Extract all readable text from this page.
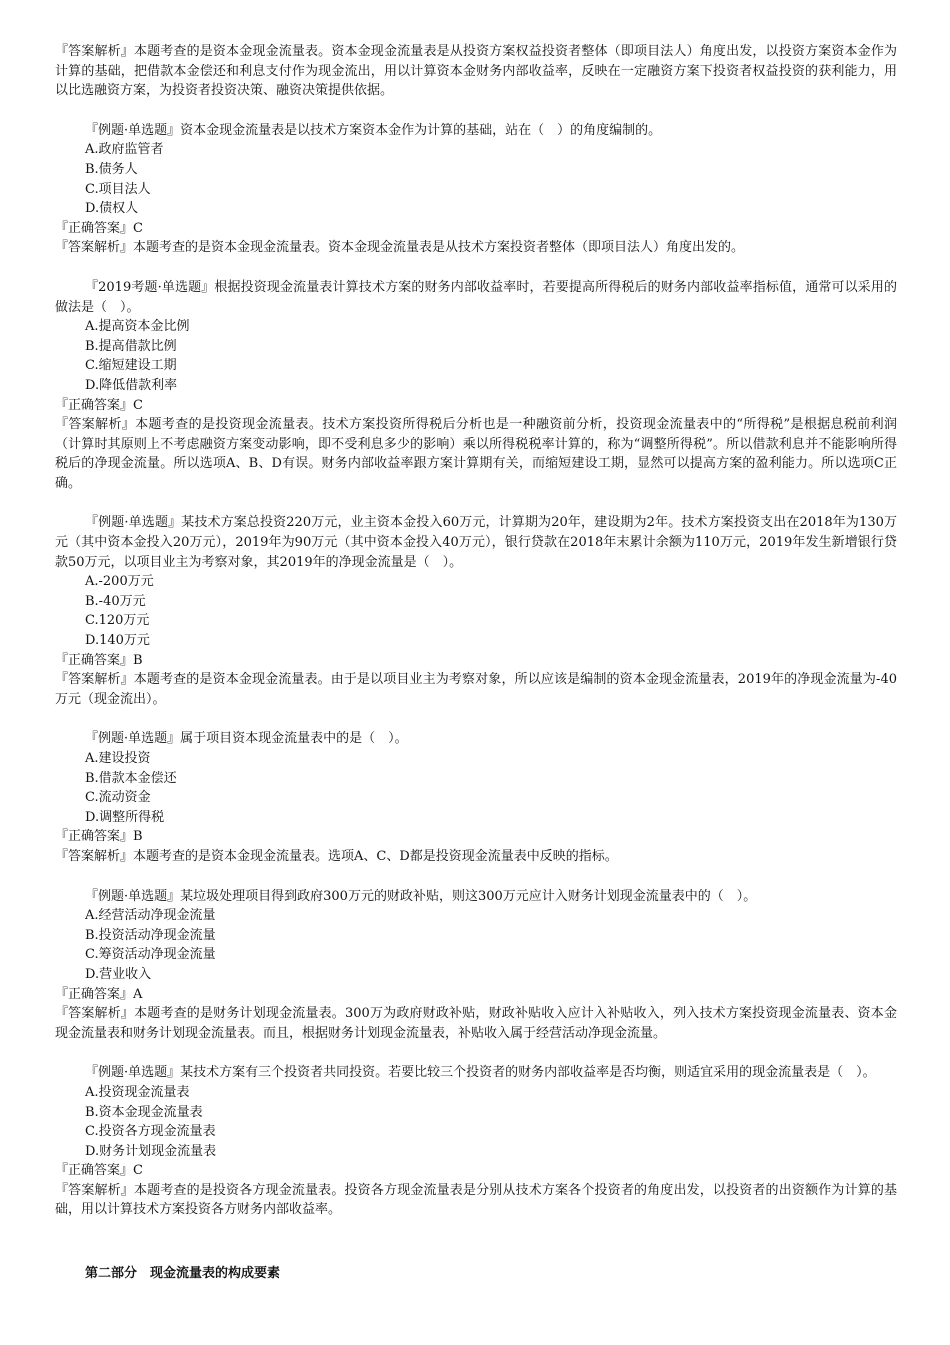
『答案解析』本题考查的是资本金现金流量表。资本金现金流量表是从投资方案权益投资者整体（即项目法人）角度出发，以投资方案资本金作为计算的基础，把借款本金偿还和利息支付作为现金流出，用以计算资本金财务内部收益率，反映在一定融资方案下投资者权益投资的获利能力，用以比选融资方案，为投资者投资决策、融资决策提供依据。

『例题·单选题』资本金现金流量表是以技术方案资本金作为计算的基础，站在（　）的角度编制的。

A.政府监管者
B.债务人
C.项目法人
D.债权人

『正确答案』C

『答案解析』本题考查的是资本金现金流量表。资本金现金流量表是从技术方案投资者整体（即项目法人）角度出发的。

『2019考题·单选题』根据投资现金流量表计算技术方案的财务内部收益率时，若要提高所得税后的财务内部收益率指标值，通常可以采用的做法是（　）。

A.提高资本金比例
B.提高借款比例
C.缩短建设工期
D.降低借款利率

『正确答案』C

『答案解析』本题考查的是投资现金流量表。技术方案投资所得税后分析也是一种融资前分析，投资现金流量表中的“所得税”是根据息税前利润（计算时其原则上不考虑融资方案变动影响，即不受利息多少的影响）乘以所得税税率计算的，称为“调整所得税”。所以借款利息并不能影响所得税后的净现金流量。所以选项A、B、D有误。财务内部收益率跟方案计算期有关，而缩短建设工期，显然可以提高方案的盈利能力。所以选项C正确。

『例题·单选题』某技术方案总投资220万元，业主资本金投入60万元，计算期为20年，建设期为2年。技术方案投资支出在2018年为130万元（其中资本金投入20万元），2019年为90万元（其中资本金投入40万元），银行贷款在2018年末累计余额为110万元，2019年发生新增银行贷款50万元，以项目业主为考察对象，其2019年的净现金流量是（　）。

A.-200万元
B.-40万元
C.120万元
D.140万元

『正确答案』B

『答案解析』本题考查的是资本金现金流量表。由于是以项目业主为考察对象，所以应该是编制的资本金现金流量表，2019年的净现金流量为-40万元（现金流出）。

『例题·单选题』属于项目资本现金流量表中的是（　）。

A.建设投资
B.借款本金偿还
C.流动资金
D.调整所得税

『正确答案』B

『答案解析』本题考查的是资本金现金流量表。选项A、C、D都是投资现金流量表中反映的指标。

『例题·单选题』某垃圾处理项目得到政府300万元的财政补贴，则这300万元应计入财务计划现金流量表中的（　）。

A.经营活动净现金流量
B.投资活动净现金流量
C.筹资活动净现金流量
D.营业收入

『正确答案』A

『答案解析』本题考查的是财务计划现金流量表。300万为政府财政补贴，财政补贴收入应计入补贴收入，列入技术方案投资现金流量表、资本金现金流量表和财务计划现金流量表。而且，根据财务计划现金流量表，补贴收入属于经营活动净现金流量。

『例题·单选题』某技术方案有三个投资者共同投资。若要比较三个投资者的财务内部收益率是否均衡，则适宜采用的现金流量表是（　）。

A.投资现金流量表
B.资本金现金流量表
C.投资各方现金流量表
D.财务计划现金流量表

『正确答案』C

『答案解析』本题考查的是投资各方现金流量表。投资各方现金流量表是分别从技术方案各个投资者的角度出发，以投资者的出资额作为计算的基础，用以计算技术方案投资各方财务内部收益率。

第二部分　现金流量表的构成要素
